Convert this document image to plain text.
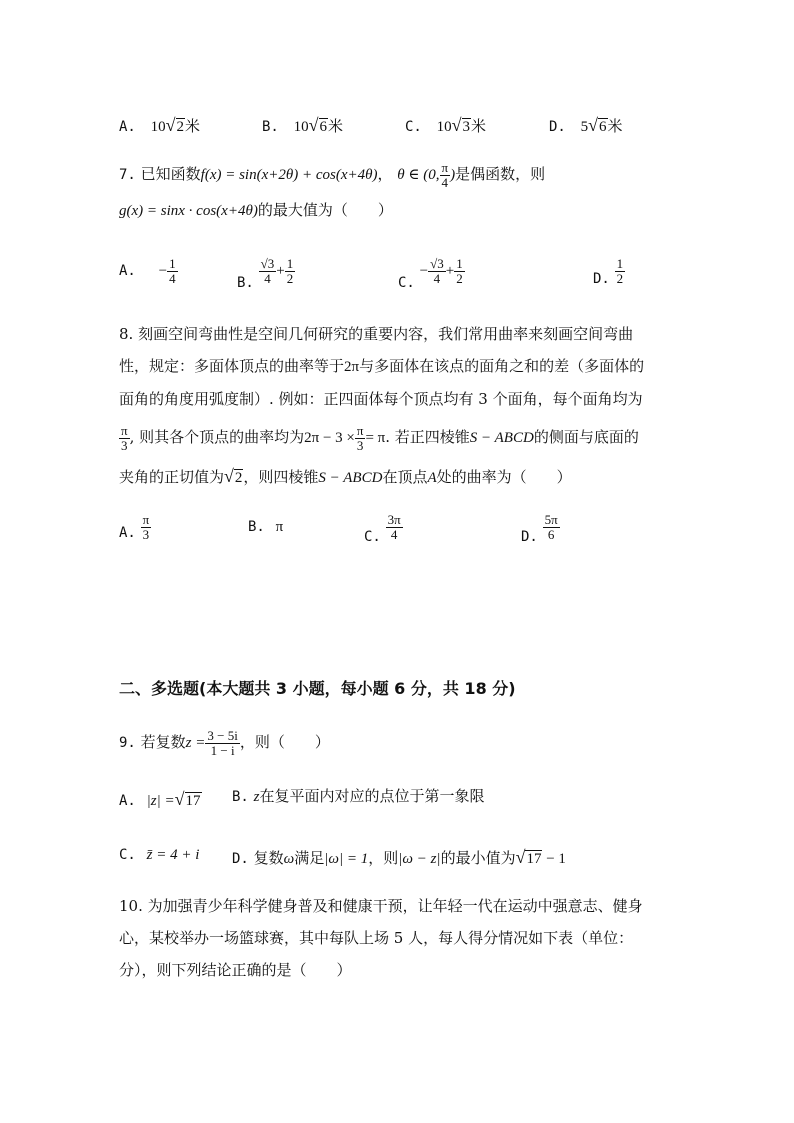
A. 10√2米	B. 10√6米	C. 10√3米	D. 5√6米
7. 已知函数f(x) = sin(x+2θ) + cos(x+4θ)， θ ∈ (0, $\frac{\pi}{4}$ )是偶函数，则
g(x) = sinx · cos(x+4θ)的最大值为（　　）
A. − $\frac{1}{4}$	B. $\frac{√3}{4} + \frac{1}{2}$	C. − $\frac{√3}{4} + \frac{1}{2}$	D. $\frac{1}{2}$
8. 刻画空间弯曲性是空间几何研究的重要内容，我们常用曲率来刻画空间弯曲
性，规定：多面体顶点的曲率等于2π与多面体在该点的面角之和的差（多面体的
面角的角度用弧度制）. 例如：正四面体每个顶点均有 3 个面角，每个面角均为
$\frac{\pi}{3}$ , 则其各个顶点的曲率均为$2\pi - 3 \times \frac{\pi}{3} = \pi$. 若正四棱锥S − ABCD的侧面与底面的
夹角的正切值为√2，则四棱锥S − ABCD在顶点A处的曲率为（　　）
A. $\frac{\pi}{3}$	B. π
C. $\frac{3\pi}{4}$	D. $\frac{5\pi}{6}$
二、多选题(本大题共 3 小题，每小题 6 分，共 18 分)
9. 若复数$z = \frac{3 - 5i}{1 - i}$ ，则（　　）
A. |z| =√17 B. z在复平面内对应的点位于第一象限
C. z̄ = 4 + i D. 复数ω满足|ω| = 1，则|ω − z|的最小值为√17 − 1
10. 为加强青少年科学健身普及和健康干预，让年轻一代在运动中强意志、健身
心，某校举办一场篮球赛，其中每队上场 5 人，每人得分情况如下表（单位：
分），则下列结论正确的是（　　）
